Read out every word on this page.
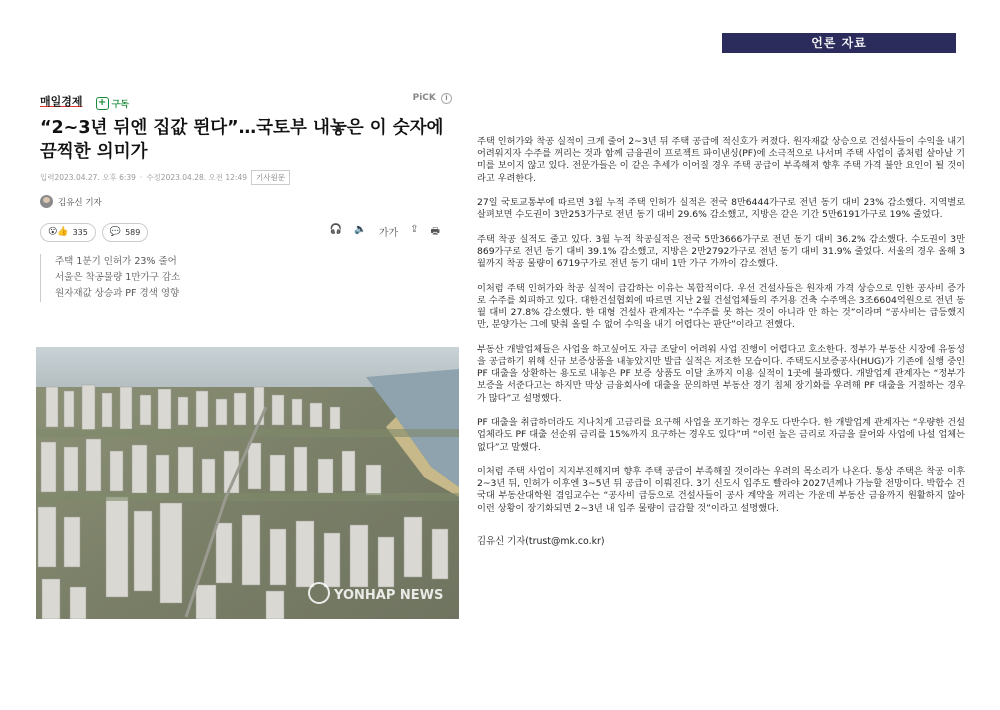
언론 자료
매일경제 + 구독
PiCK i
“2~3년 뒤엔 집값 뛴다”…국토부 내놓은 이 숫자에 끔찍한 의미가
입력2023.04.27. 오후 6:39 · 수정2023.04.28. 오전 12:49	기사원문
김유신 기자
😮👍 335 💬 589	🎧 🔈 가가 ⇪ 🖶
주택 1분기 인허가 23% 줄어
서울은 착공물량 1만가구 감소
원자재값 상승과 PF 경색 영향
YONHAP NEWS

주택 인허가와 착공 실적이 크게 줄어 2~3년 뒤 주택 공급에 적신호가 켜졌다. 원자재값 상승으로 건설사들이 수익을 내기 어려워지자 수주를 꺼리는 것과 함께 금융권이 프로젝트 파이낸싱(PF)에 소극적으로 나서며 주택 사업이 좀처럼 살아날 기미를 보이지 않고 있다. 전문가들은 이 같은 추세가 이어질 경우 주택 공급이 부족해져 향후 주택 가격 불안 요인이 될 것이라고 우려한다.

27일 국토교통부에 따르면 3월 누적 주택 인허가 실적은 전국 8만6444가구로 전년 동기 대비 23% 감소했다. 지역별로 살펴보면 수도권이 3만253가구로 전년 동기 대비 29.6% 감소했고, 지방은 같은 기간 5만6191가구로 19% 줄었다.

주택 착공 실적도 줄고 있다. 3월 누적 착공실적은 전국 5만3666가구로 전년 동기 대비 36.2% 감소했다. 수도권이 3만869가구로 전년 동기 대비 39.1% 감소했고, 지방은 2만2792가구로 전년 동기 대비 31.9% 줄었다. 서울의 경우 올해 3월까지 착공 물량이 6719구가로 전년 동기 대비 1만 가구 가까이 감소했다.

이처럼 주택 인허가와 착공 실적이 급감하는 이유는 복합적이다. 우선 건설사들은 원자재 가격 상승으로 인한 공사비 증가로 수주를 회피하고 있다. 대한건설협회에 따르면 지난 2월 건설업체들의 주거용 건축 수주액은 3조6604억원으로 전년 동월 대비 27.8% 감소했다. 한 대형 건설사 관계자는 “수주를 못 하는 것이 아니라 안 하는 것”이라며 “공사비는 급등했지만, 분양가는 그에 맞춰 올릴 수 없어 수익을 내기 어렵다는 판단”이라고 전했다.

부동산 개발업체들은 사업을 하고싶어도 자금 조달이 어려워 사업 진행이 어렵다고 호소한다. 정부가 부동산 시장에 유동성을 공급하기 위해 신규 보증상품을 내놓았지만 발급 실적은 저조한 모습이다. 주택도시보증공사(HUG)가 기존에 실행 중인 PF 대출을 상환하는 용도로 내놓은 PF 보증 상품도 이달 초까지 이용 실적이 1곳에 불과했다. 개발업계 관계자는 “정부가 보증을 서준다고는 하지만 막상 금융회사에 대출을 문의하면 부동산 경기 침체 장기화를 우려해 PF 대출을 거절하는 경우가 많다”고 설명했다.

PF 대출을 취급하더라도 지나치게 고금리를 요구해 사업을 포기하는 경우도 다반수다. 한 개발업계 관계자는 “우량한 건설업체라도 PF 대출 선순위 금리를 15%까지 요구하는 경우도 있다”며 “이런 높은 금리로 자금을 끌어와 사업에 나설 업체는 없다”고 말했다.

이처럼 주택 사업이 지지부진해지며 향후 주택 공급이 부족해질 것이라는 우려의 목소리가 나온다. 통상 주택은 착공 이후 2~3년 뒤, 인허가 이후엔 3~5년 뒤 공급이 이뤄진다. 3기 신도시 입주도 빨라야 2027년께나 가능할 전망이다. 박합수 건국대 부동산대학원 겸임교수는 “공사비 급등으로 건설사들이 공사 계약을 꺼리는 가운데 부동산 금융까지 원활하지 않아 이런 상황이 장기화되면 2~3년 내 입주 물량이 급감할 것”이라고 설명했다.

김유신 기자(trust@mk.co.kr)
